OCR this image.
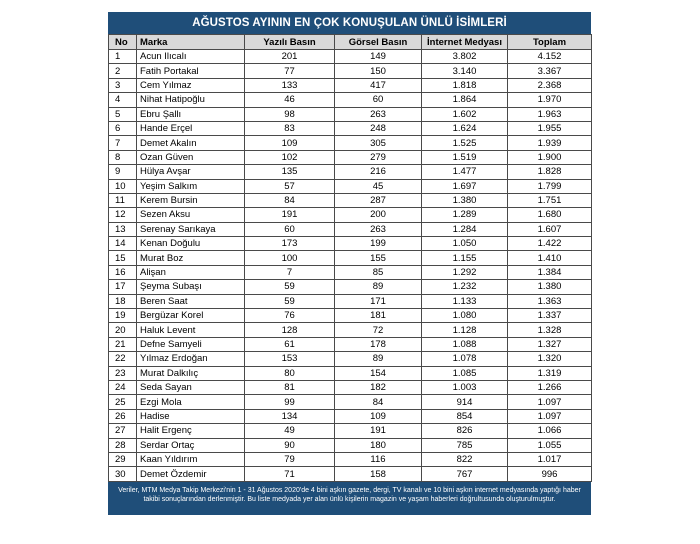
AĞUSTOS AYININ EN ÇOK KONUŞULAN ÜNLÜ İSİMLERİ
No	Marka	Yazılı Basın	Görsel Basın	İnternet Medyası	Toplam
1	Acun Ilıcalı	201	149	3.802	4.152
2	Fatih Portakal	77	150	3.140	3.367
3	Cem Yılmaz	133	417	1.818	2.368
4	Nihat Hatipoğlu	46	60	1.864	1.970
5	Ebru Şallı	98	263	1.602	1.963
6	Hande Erçel	83	248	1.624	1.955
7	Demet Akalın	109	305	1.525	1.939
8	Ozan Güven	102	279	1.519	1.900
9	Hülya Avşar	135	216	1.477	1.828
10	Yeşim Salkım	57	45	1.697	1.799
11	Kerem Bursin	84	287	1.380	1.751
12	Sezen Aksu	191	200	1.289	1.680
13	Serenay Sarıkaya	60	263	1.284	1.607
14	Kenan Doğulu	173	199	1.050	1.422
15	Murat Boz	100	155	1.155	1.410
16	Alişan	7	85	1.292	1.384
17	Şeyma Subaşı	59	89	1.232	1.380
18	Beren Saat	59	171	1.133	1.363
19	Bergüzar Korel	76	181	1.080	1.337
20	Haluk Levent	128	72	1.128	1.328
21	Defne Samyeli	61	178	1.088	1.327
22	Yılmaz Erdoğan	153	89	1.078	1.320
23	Murat Dalkılıç	80	154	1.085	1.319
24	Seda Sayan	81	182	1.003	1.266
25	Ezgi Mola	99	84	914	1.097
26	Hadise	134	109	854	1.097
27	Halit Ergenç	49	191	826	1.066
28	Serdar Ortaç	90	180	785	1.055
29	Kaan Yıldırım	79	116	822	1.017
30	Demet Özdemir	71	158	767	996
Veriler, MTM Medya Takip Merkezi'nin 1 - 31 Ağustos 2020'de 4 bini aşkın gazete, dergi, TV kanalı ve 10 bini aşkın internet medyasında yaptığı haber takibi sonuçlarından derlenmiştir. Bu liste medyada yer alan ünlü kişilerin magazin ve yaşam haberleri doğrultusunda oluşturulmuştur.
